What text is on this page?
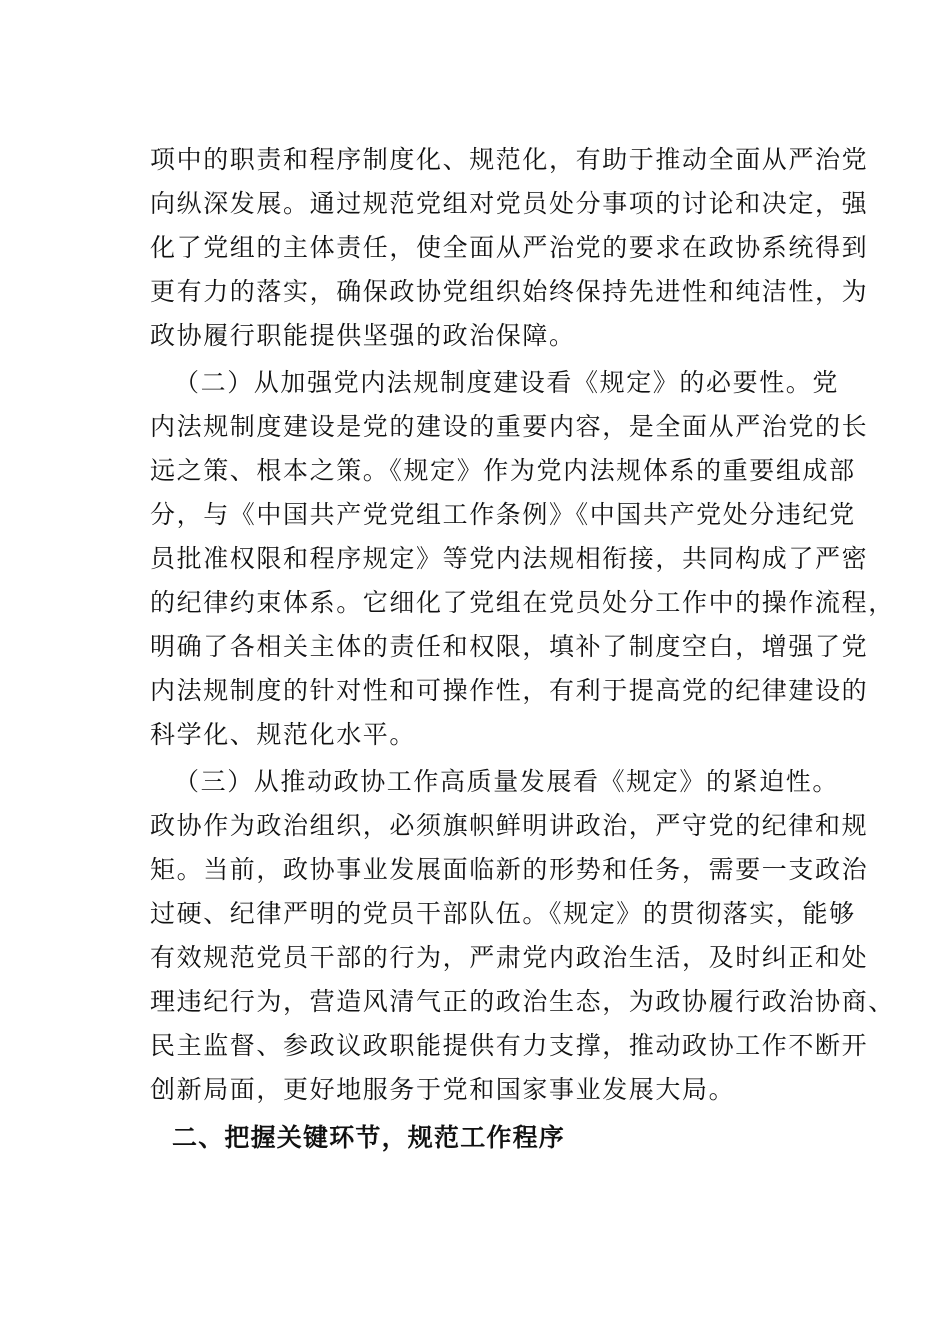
项中的职责和程序制度化、规范化，有助于推动全面从严治党
向纵深发展。通过规范党组对党员处分事项的讨论和决定，强
化了党组的主体责任，使全面从严治党的要求在政协系统得到
更有力的落实，确保政协党组织始终保持先进性和纯洁性，为
政协履行职能提供坚强的政治保障。
（二）从加强党内法规制度建设看《规定》的必要性。党
内法规制度建设是党的建设的重要内容，是全面从严治党的长
远之策、根本之策。《规定》作为党内法规体系的重要组成部
分，与《中国共产党党组工作条例》《中国共产党处分违纪党
员批准权限和程序规定》等党内法规相衔接，共同构成了严密
的纪律约束体系。它细化了党组在党员处分工作中的操作流程，
明确了各相关主体的责任和权限，填补了制度空白，增强了党
内法规制度的针对性和可操作性，有利于提高党的纪律建设的
科学化、规范化水平。
（三）从推动政协工作高质量发展看《规定》的紧迫性。
政协作为政治组织，必须旗帜鲜明讲政治，严守党的纪律和规
矩。当前，政协事业发展面临新的形势和任务，需要一支政治
过硬、纪律严明的党员干部队伍。《规定》的贯彻落实，能够
有效规范党员干部的行为，严肃党内政治生活，及时纠正和处
理违纪行为，营造风清气正的政治生态，为政协履行政治协商、
民主监督、参政议政职能提供有力支撑，推动政协工作不断开
创新局面，更好地服务于党和国家事业发展大局。
二、把握关键环节，规范工作程序
